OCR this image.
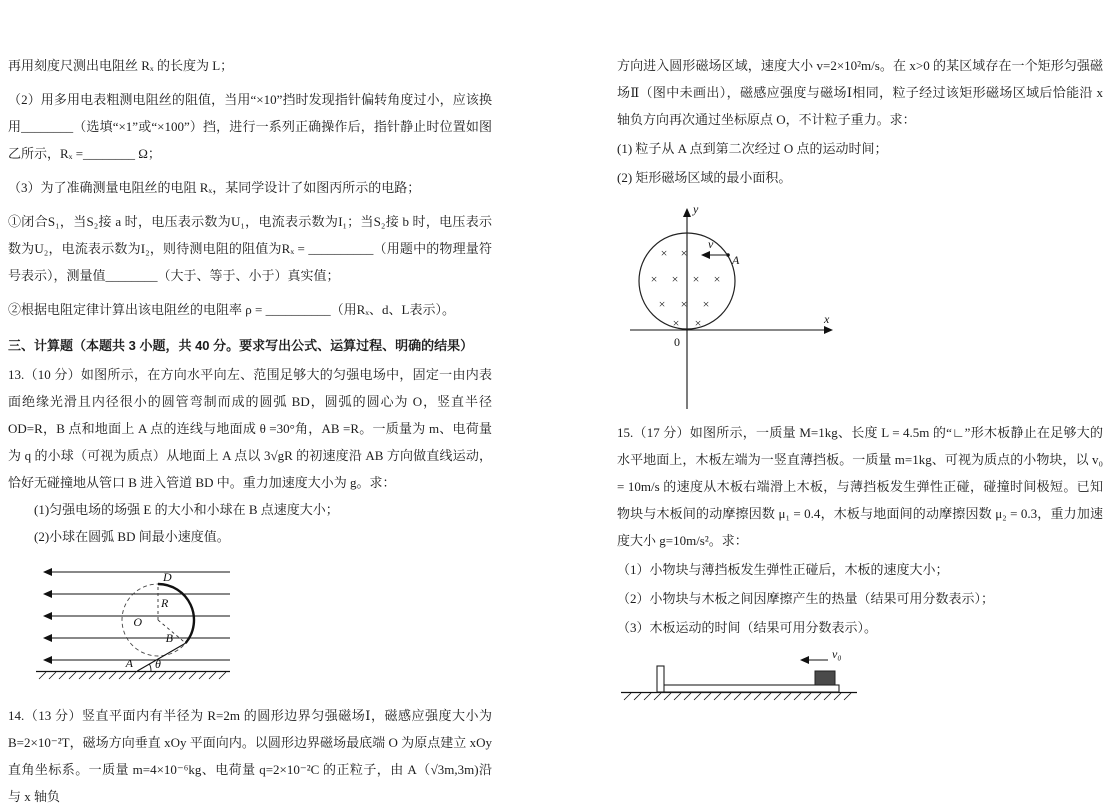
再用刻度尺测出电阻丝 Rₓ 的长度为 L；

（2）用多用电表粗测电阻丝的阻值，当用“×10”挡时发现指针偏转角度过小，应该换用________（选填“×1”或“×100”）挡，进行一系列正确操作后，指针静止时位置如图乙所示，Rₓ =________ Ω；

（3）为了准确测量电阻丝的电阻 Rₓ，某同学设计了如图丙所示的电路；

①闭合S₁，当S₂接 a 时，电压表示数为U₁，电流表示数为I₁；当S₂接 b 时，电压表示数为U₂，电流表示数为I₂，则待测电阻的阻值为Rₓ = __________（用题中的物理量符号表示），测量值________（大于、等于、小于）真实值；

②根据电阻定律计算出该电阻丝的电阻率 ρ = __________（用Rₓ、d、L表示）。

三、计算题（本题共 3 小题，共 40 分。要求写出公式、运算过程、明确的结果）

13.（10 分）如图所示，在方向水平向左、范围足够大的匀强电场中，固定一由内表面绝缘光滑且内径很小的圆管弯制而成的圆弧 BD，圆弧的圆心为 O，竖直半径 OD=R，B 点和地面上 A 点的连线与地面成 θ =30°角，AB =R。一质量为 m、电荷量为 q 的小球（可视为质点）从地面上 A 点以 3√gR 的初速度沿 AB 方向做直线运动，恰好无碰撞地从管口 B 进入管道 BD 中。重力加速度大小为 g。求：

(1)匀强电场的场强 E 的大小和小球在 B 点速度大小；

(2)小球在圆弧 BD 间最小速度值。

D
R
O
B
A θ

14.（13 分）竖直平面内有半径为 R=2m 的圆形边界匀强磁场Ⅰ，磁感应强度大小为 B=2×10⁻²T，磁场方向垂直 xOy 平面向内。以圆形边界磁场最底端 O 为原点建立 xOy 直角坐标系。一质量 m=4×10⁻⁶kg、电荷量 q=2×10⁻²C 的正粒子，由 A（√3m,3m)沿与 x 轴负

方向进入圆形磁场区域，速度大小 v=2×10²m/s。在 x>0 的某区域存在一个矩形匀强磁场Ⅱ（图中未画出），磁感应强度与磁场Ⅰ相同，粒子经过该矩形磁场区域后恰能沿 x 轴负方向再次通过坐标原点 O，不计粒子重力。求：

(1) 粒子从 A 点到第二次经过 O 点的运动时间；

(2) 矩形磁场区域的最小面积。

× ×
× × × ×
× × ×
× ×
v
A
y
x
0

15.（17 分）如图所示，一质量 M=1kg、长度 L = 4.5m 的“∟”形木板静止在足够大的水平地面上，木板左端为一竖直薄挡板。一质量 m=1kg、可视为质点的小物块，以 v₀ = 10m/s 的速度从木板右端滑上木板，与薄挡板发生弹性正碰，碰撞时间极短。已知物块与木板间的动摩擦因数 μ₁ = 0.4，木板与地面间的动摩擦因数 μ₂ = 0.3，重力加速度大小 g=10m/s²。求：

（1）小物块与薄挡板发生弹性正碰后，木板的速度大小；

（2）小物块与木板之间因摩擦产生的热量（结果可用分数表示）；

（3）木板运动的时间（结果可用分数表示）。

v₀
